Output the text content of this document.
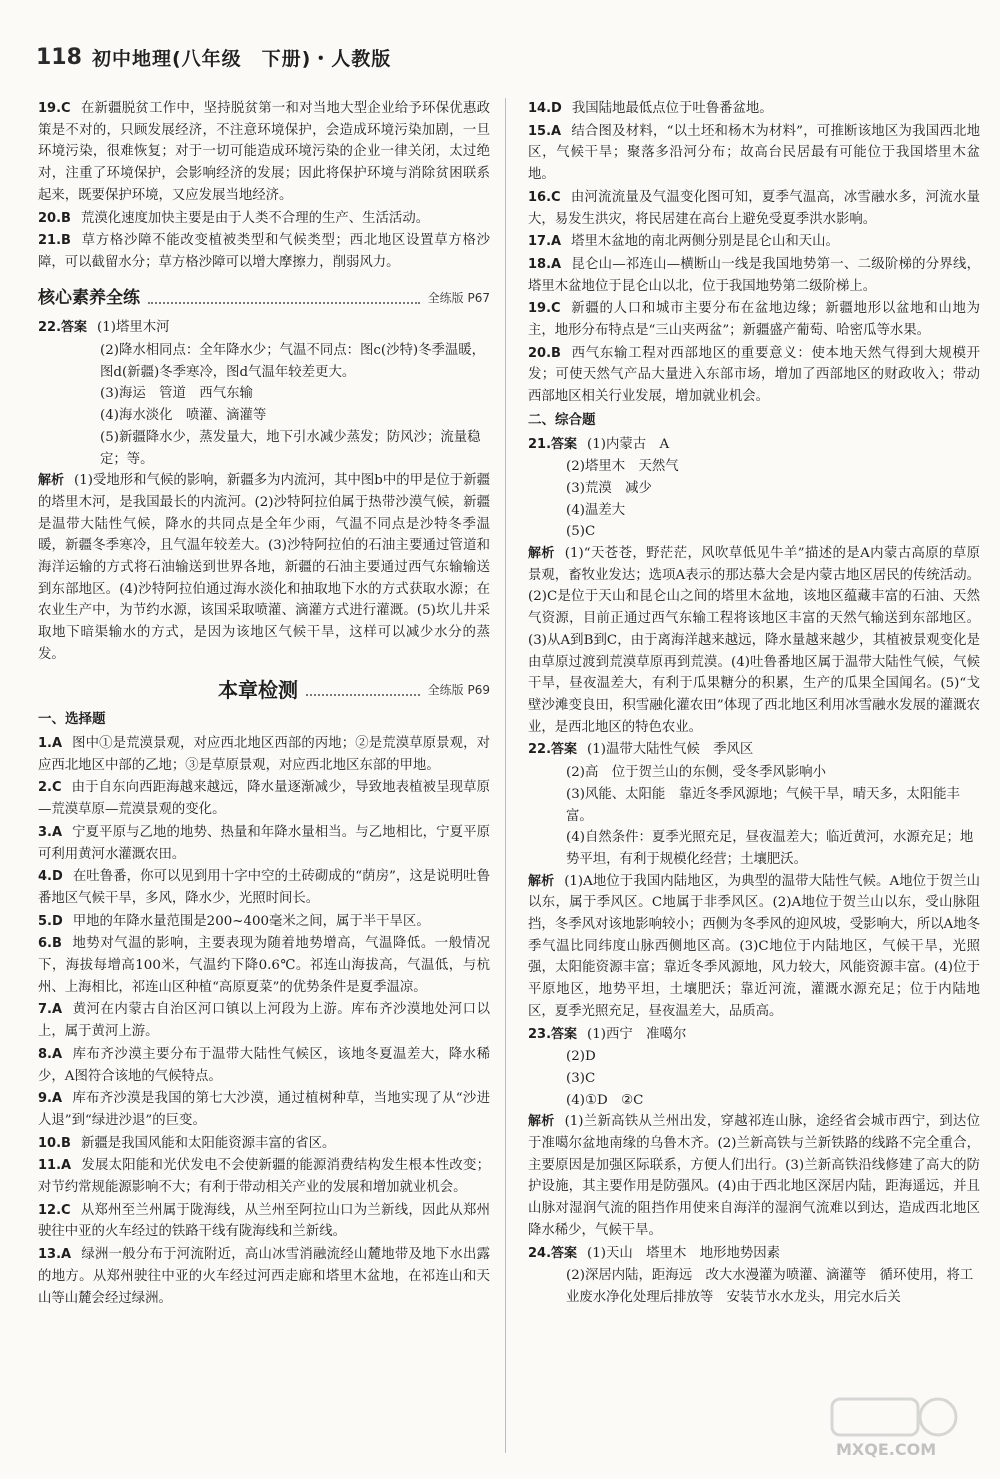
118 初中地理(八年级　下册)・人教版
19.C 在新疆脱贫工作中，坚持脱贫第一和对当地大型企业给予环保优惠政策是不对的，只顾发展经济，不注意环境保护，会造成环境污染加剧，一旦环境污染，很难恢复；对于一切可能造成环境污染的企业一律关闭，太过绝对，注重了环境保护，会影响经济的发展；因此将保护环境与消除贫困联系起来，既要保护环境，又应发展当地经济。
20.B 荒漠化速度加快主要是由于人类不合理的生产、生活活动。
21.B 草方格沙障不能改变植被类型和气候类型；西北地区设置草方格沙障，可以截留水分；草方格沙障可以增大摩擦力，削弱风力。
核心素养全练	全练版 P67
22.答案 (1)塔里木河
(2)降水相同点：全年降水少；气温不同点：图c(沙特)冬季温暖，图d(新疆)冬季寒冷，图d气温年较差更大。
(3)海运　管道　西气东输
(4)海水淡化　喷灌、滴灌等
(5)新疆降水少，蒸发量大，地下引水减少蒸发；防风沙；流量稳定；等。
解析 (1)受地形和气候的影响，新疆多为内流河，其中图b中的甲是位于新疆的塔里木河，是我国最长的内流河。(2)沙特阿拉伯属于热带沙漠气候，新疆是温带大陆性气候，降水的共同点是全年少雨，气温不同点是沙特冬季温暖，新疆冬季寒冷，且气温年较差大。(3)沙特阿拉伯的石油主要通过管道和海洋运输的方式将石油输送到世界各地，新疆的石油主要通过西气东输输送到东部地区。(4)沙特阿拉伯通过海水淡化和抽取地下水的方式获取水源；在农业生产中，为节约水源，该国采取喷灌、滴灌方式进行灌溉。(5)坎儿井采取地下暗渠输水的方式，是因为该地区气候干旱，这样可以减少水分的蒸发。
本章检测	全练版 P69
一、选择题
1.A 图中①是荒漠景观，对应西北地区西部的丙地；②是荒漠草原景观，对应西北地区中部的乙地；③是草原景观，对应西北地区东部的甲地。
2.C 由于自东向西距海越来越远，降水量逐渐减少，导致地表植被呈现草原—荒漠草原—荒漠景观的变化。
3.A 宁夏平原与乙地的地势、热量和年降水量相当。与乙地相比，宁夏平原可利用黄河水灌溉农田。
4.D 在吐鲁番，你可以见到用十字中空的土砖砌成的“荫房”，这是说明吐鲁番地区气候干旱，多风，降水少，光照时间长。
5.D 甲地的年降水量范围是200~400毫米之间，属于半干旱区。
6.B 地势对气温的影响，主要表现为随着地势增高，气温降低。一般情况下，海拔每增高100米，气温约下降0.6℃。祁连山海拔高，气温低，与杭州、上海相比，祁连山区种植“高原夏菜”的优势条件是夏季温凉。
7.A 黄河在内蒙古自治区河口镇以上河段为上游。库布齐沙漠地处河口以上，属于黄河上游。
8.A 库布齐沙漠主要分布于温带大陆性气候区，该地冬夏温差大，降水稀少，A图符合该地的气候特点。
9.A 库布齐沙漠是我国的第七大沙漠，通过植树种草，当地实现了从“沙进人退”到“绿进沙退”的巨变。
10.B 新疆是我国风能和太阳能资源丰富的省区。
11.A 发展太阳能和光伏发电不会使新疆的能源消费结构发生根本性改变；对节约常规能源影响不大；有利于带动相关产业的发展和增加就业机会。
12.C 从郑州至兰州属于陇海线，从兰州至阿拉山口为兰新线，因此从郑州驶往中亚的火车经过的铁路干线有陇海线和兰新线。
13.A 绿洲一般分布于河流附近，高山冰雪消融流经山麓地带及地下水出露的地方。从郑州驶往中亚的火车经过河西走廊和塔里木盆地，在祁连山和天山等山麓会经过绿洲。
14.D 我国陆地最低点位于吐鲁番盆地。
15.A 结合图及材料，“以土坯和杨木为材料”，可推断该地区为我国西北地区，气候干旱；聚落多沿河分布；故高台民居最有可能位于我国塔里木盆地。
16.C 由河流流量及气温变化图可知，夏季气温高，冰雪融水多，河流水量大，易发生洪灾，将民居建在高台上避免受夏季洪水影响。
17.A 塔里木盆地的南北两侧分别是昆仑山和天山。
18.A 昆仑山—祁连山—横断山一线是我国地势第一、二级阶梯的分界线，塔里木盆地位于昆仑山以北，位于我国地势第二级阶梯上。
19.C 新疆的人口和城市主要分布在盆地边缘；新疆地形以盆地和山地为主，地形分布特点是“三山夹两盆”；新疆盛产葡萄、哈密瓜等水果。
20.B 西气东输工程对西部地区的重要意义：使本地天然气得到大规模开发；可使天然气产品大量进入东部市场，增加了西部地区的财政收入；带动西部地区相关行业发展，增加就业机会。
二、综合题
21.答案 (1)内蒙古　A
(2)塔里木　天然气
(3)荒漠　减少
(4)温差大
(5)C
解析 (1)“天苍苍，野茫茫，风吹草低见牛羊”描述的是A内蒙古高原的草原景观，畜牧业发达；选项A表示的那达慕大会是内蒙古地区居民的传统活动。(2)C是位于天山和昆仑山之间的塔里木盆地，该地区蕴藏丰富的石油、天然气资源，目前正通过西气东输工程将该地区丰富的天然气输送到东部地区。(3)从A到B到C，由于离海洋越来越远，降水量越来越少，其植被景观变化是由草原过渡到荒漠草原再到荒漠。(4)吐鲁番地区属于温带大陆性气候，气候干旱，昼夜温差大，有利于瓜果糖分的积累，生产的瓜果全国闻名。(5)“戈壁沙滩变良田，积雪融化灌农田”体现了西北地区利用冰雪融水发展的灌溉农业，是西北地区的特色农业。
22.答案 (1)温带大陆性气候　季风区
(2)高　位于贺兰山的东侧，受冬季风影响小
(3)风能、太阳能　靠近冬季风源地；气候干旱，晴天多，太阳能丰富。
(4)自然条件：夏季光照充足，昼夜温差大；临近黄河，水源充足；地势平坦，有利于规模化经营；土壤肥沃。
解析 (1)A地位于我国内陆地区，为典型的温带大陆性气候。A地位于贺兰山以东，属于季风区。C地属于非季风区。(2)A地位于贺兰山以东，受山脉阻挡，冬季风对该地影响较小；西侧为冬季风的迎风坡，受影响大，所以A地冬季气温比同纬度山脉西侧地区高。(3)C地位于内陆地区，气候干旱，光照强，太阳能资源丰富；靠近冬季风源地，风力较大，风能资源丰富。(4)位于平原地区，地势平坦，土壤肥沃；靠近河流，灌溉水源充足；位于内陆地区，夏季光照充足，昼夜温差大，品质高。
23.答案 (1)西宁　准噶尔
(2)D
(3)C
(4)①D　②C
解析 (1)兰新高铁从兰州出发，穿越祁连山脉，途经省会城市西宁，到达位于准噶尔盆地南缘的乌鲁木齐。(2)兰新高铁与兰新铁路的线路不完全重合，主要原因是加强区际联系，方便人们出行。(3)兰新高铁沿线修建了高大的防护设施，其主要作用是防强风。(4)由于西北地区深居内陆，距海遥远，并且山脉对湿润气流的阻挡作用使来自海洋的湿润气流难以到达，造成西北地区降水稀少，气候干旱。
24.答案 (1)天山　塔里木　地形地势因素
(2)深居内陆，距海远　改大水漫灌为喷灌、滴灌等　循环使用，将工业废水净化处理后排放等　安装节水水龙头，用完水后关
MXQE.COM
